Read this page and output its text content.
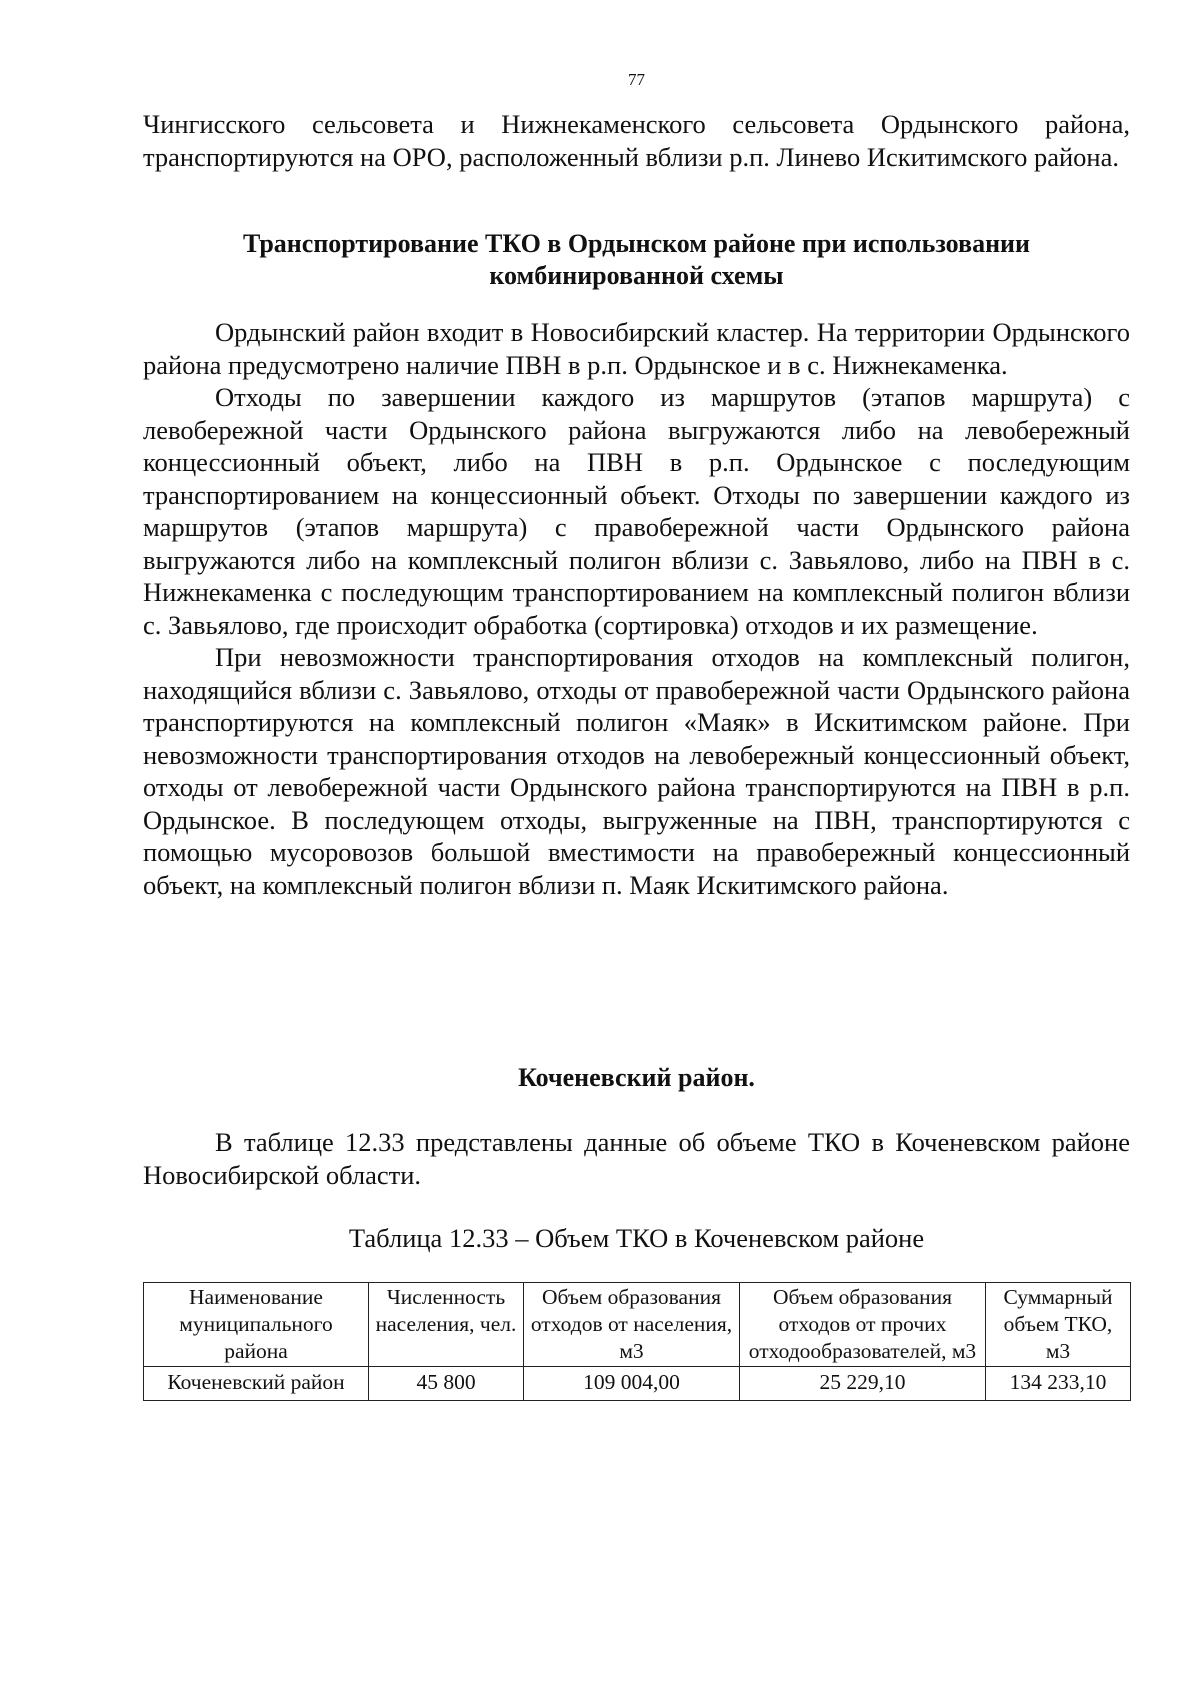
77

Чингисского сельсовета и Нижнекаменского сельсовета Ордынского района, транспортируются на ОРО, расположенный вблизи р.п. Линево Искитимского района.

Транспортирование ТКО в Ордынском районе при использовании

комбинированной схемы

Ордынский район входит в Новосибирский кластер. На территории Ордынского района предусмотрено наличие ПВН в р.п. Ордынское и в с. Нижнекаменка.

Отходы по завершении каждого из маршрутов (этапов маршрута) с левобережной части Ордынского района выгружаются либо на левобережный концессионный объект, либо на ПВН в р.п. Ордынское с последующим транспортированием на концессионный объект. Отходы по завершении каждого из маршрутов (этапов маршрута) с правобережной части Ордынского района выгружаются либо на комплексный полигон вблизи с. Завьялово, либо на ПВН в с. Нижнекаменка с последующим транспортированием на комплексный полигон вблизи с. Завьялово, где происходит обработка (сортировка) отходов и их размещение.

При невозможности транспортирования отходов на комплексный полигон, находящийся вблизи с. Завьялово, отходы от правобережной части Ордынского района транспортируются на комплексный полигон «Маяк» в Искитимском районе. При невозможности транспортирования отходов на левобережный концессионный объект, отходы от левобережной части Ордынского района транспортируются на ПВН в р.п. Ордынское. В последующем отходы, выгруженные на ПВН, транспортируются с помощью мусоровозов большой вместимости на правобережный концессионный объект, на комплексный полигон вблизи п. Маяк Искитимского района.

Коченевский район.

В таблице 12.33 представлены данные об объеме ТКО в Коченевском районе Новосибирской области.

Таблица 12.33 – Объем ТКО в Коченевском районе

Наименование муниципального района	Численность населения, чел.	Объем образования отходов от населения, м3	Объем образования отходов от прочих отходообразователей, м3	Суммарный объем ТКО, м3
Коченевский район	45 800	109 004,00	25 229,10	134 233,10
